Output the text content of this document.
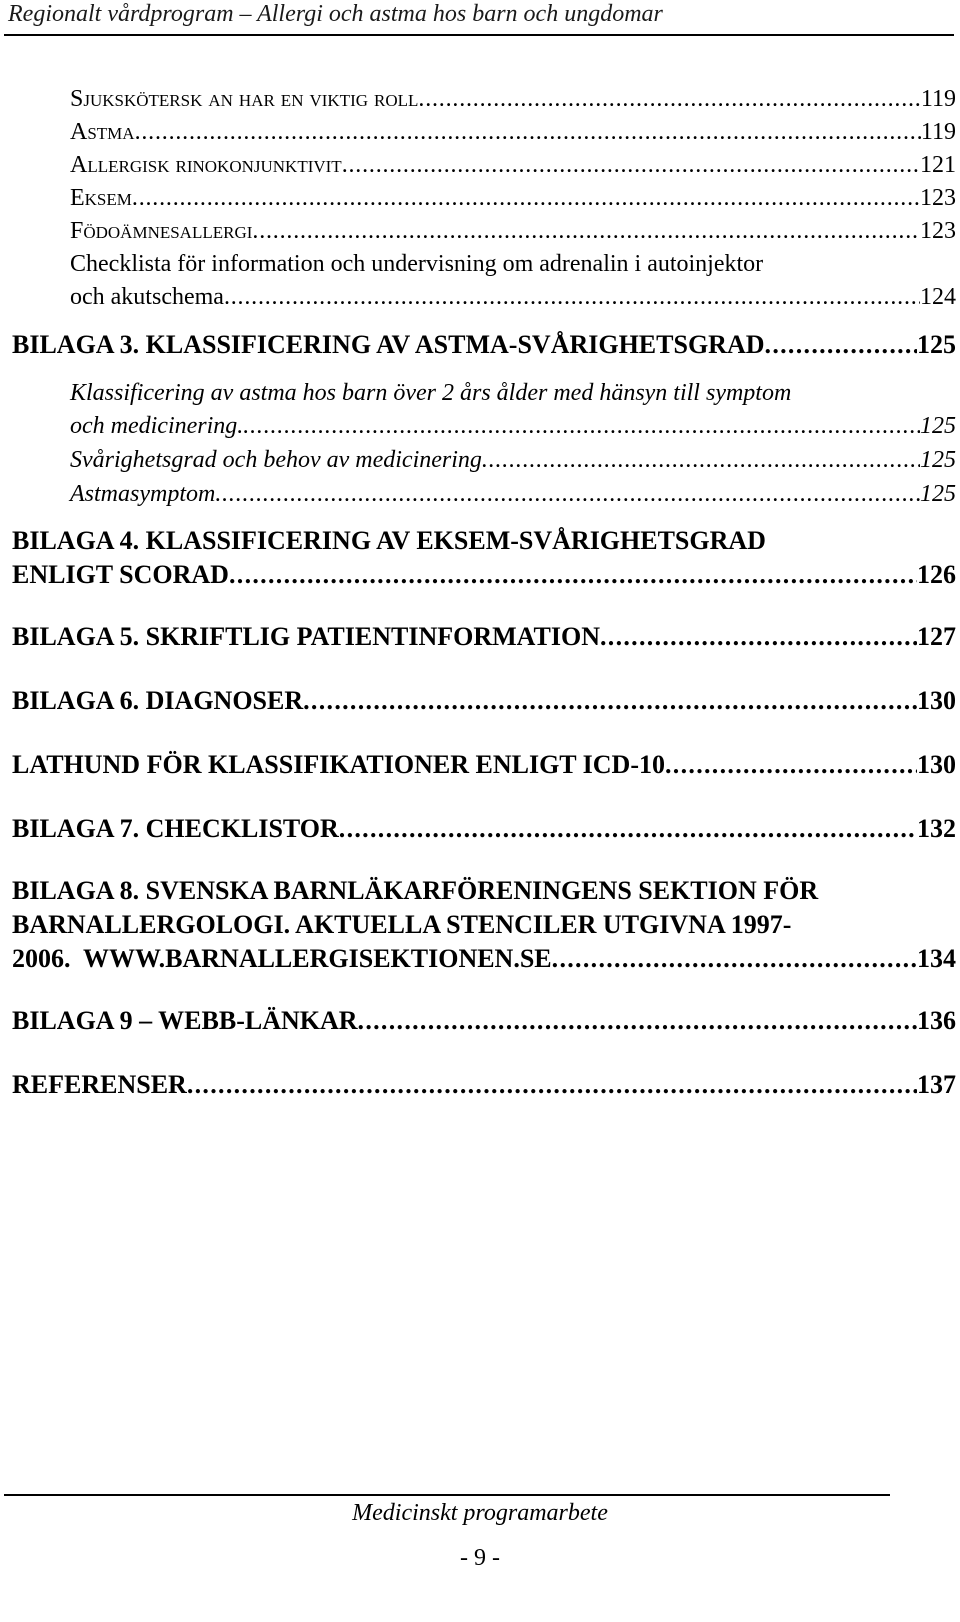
Regionalt vårdprogram – Allergi och astma hos barn och ungdomar
Sjukskötersk an har en viktig roll . . .	119
Astma . . .	119
Allergisk rinokonjunktivit . . .	121
Eksem . . .	123
Födoämnesallergi . . .	123
Checklista för information och undervisning om adrenalin i autoinjektor
och akutschema . . .	124
BILAGA 3. KLASSIFICERING AV ASTMA-SVÅRIGHETSGRAD . . .	125
Klassificering av astma hos barn över 2 års ålder med hänsyn till symptom
och medicinering. . . .	125
Svårighetsgrad och behov av medicinering . . .	125
Astmasymptom . . .	125
BILAGA 4. KLASSIFICERING AV EKSEM-SVÅRIGHETSGRAD
ENLIGT SCORAD . . .	126
BILAGA 5. SKRIFTLIG PATIENTINFORMATION . . .	127
BILAGA 6. DIAGNOSER . . .	130
LATHUND FÖR KLASSIFIKATIONER ENLIGT ICD-10 . . .	130
BILAGA 7. CHECKLISTOR . . .	132
BILAGA 8. SVENSKA BARNLÄKARFÖRENINGENS SEKTION FÖR
BARNALLERGOLOGI. AKTUELLA STENCILER UTGIVNA 1997-
2006.  WWW.BARNALLERGISEKTIONEN.SE . . .	134
BILAGA 9 – WEBB-LÄNKAR . . .	136
REFERENSER . . .	137
Medicinskt programarbete
- 9 -
